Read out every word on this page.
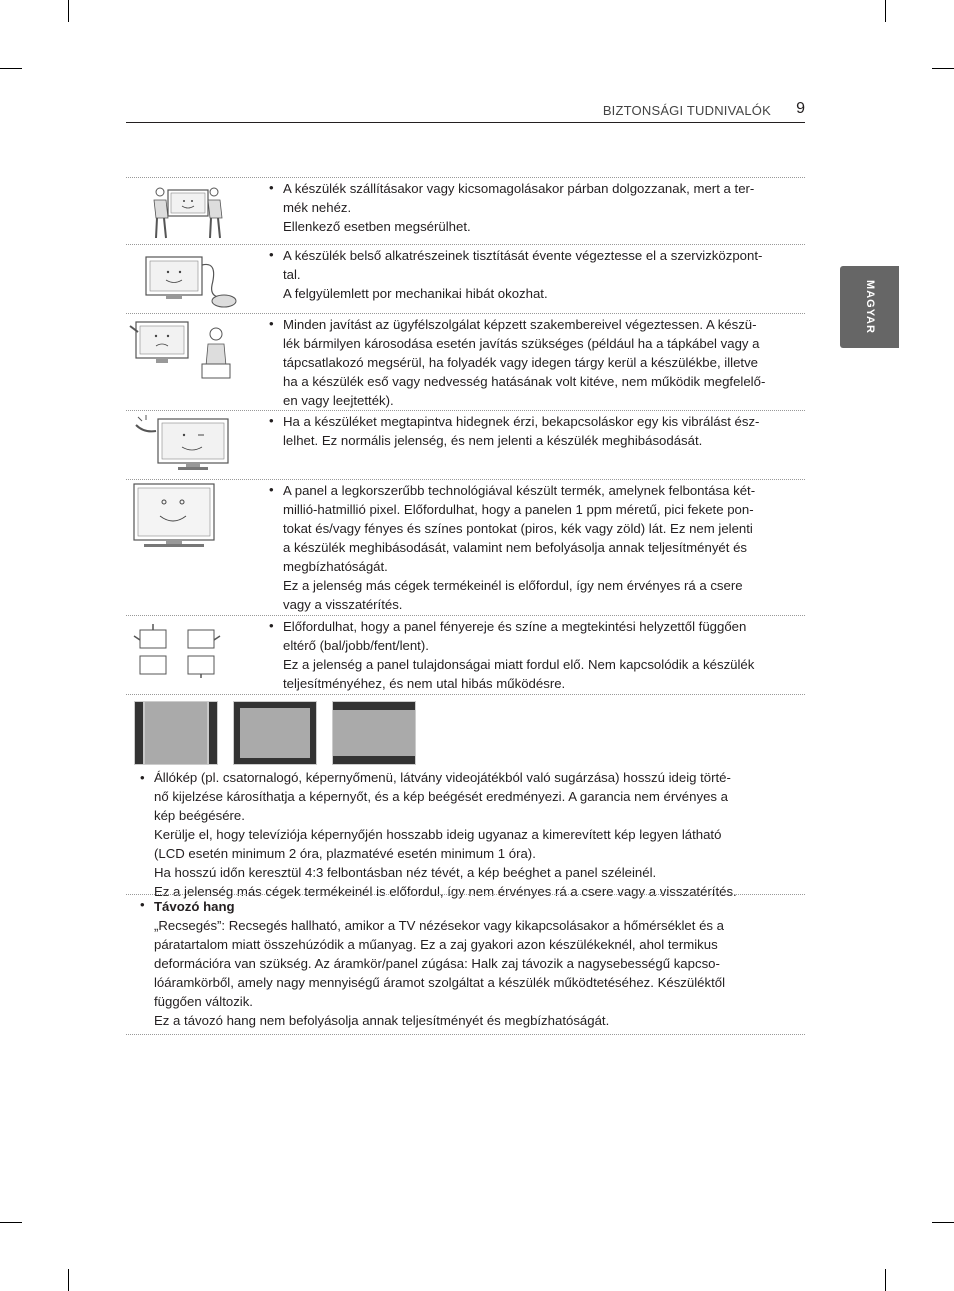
BIZTONSÁGI TUDNIVALÓK 9
MAGYAR

• A készülék szállításakor vagy kicsomagolásakor párban dolgozzanak, mert a ter-

mék nehéz.

Ellenkező esetben megsérülhet.

• A készülék belső alkatrészeinek tisztítását évente végeztesse el a szervizközpont-

tal.

A felgyülemlett por mechanikai hibát okozhat.

• Minden javítást az ügyfélszolgálat képzett szakembereivel végeztessen. A készü-

lék bármilyen károsodása esetén javítás szükséges (például ha a tápkábel vagy a

tápcsatlakozó megsérül, ha folyadék vagy idegen tárgy kerül a készülékbe, illetve

ha a készülék eső vagy nedvesség hatásának volt kitéve, nem működik megfelelő-

en vagy leejtették).

• Ha a készüléket megtapintva hidegnek érzi, bekapcsoláskor egy kis vibrálást ész-

lelhet. Ez normális jelenség, és nem jelenti a készülék meghibásodását.

• A panel a legkorszerűbb technológiával készült termék, amelynek felbontása két-

millió-hatmillió pixel. Előfordulhat, hogy a panelen 1 ppm méretű, pici fekete pon-

tokat és/vagy fényes és színes pontokat (piros, kék vagy zöld) lát. Ez nem jelenti

a készülék meghibásodását, valamint nem befolyásolja annak teljesítményét és

megbízhatóságát.

Ez a jelenség más cégek termékeinél is előfordul, így nem érvényes rá a csere

vagy a visszatérítés.

• Előfordulhat, hogy a panel fényereje és színe a megtekintési helyzettől függően

eltérő (bal/jobb/fent/lent).

Ez a jelenség a panel tulajdonságai miatt fordul elő. Nem kapcsolódik a készülék

teljesítményéhez, és nem utal hibás működésre.

• Állókép (pl. csatornalogó, képernyőmenü, látvány videojátékból való sugárzása) hosszú ideig törté-

nő kijelzése károsíthatja a képernyőt, és a kép beégését eredményezi. A garancia nem érvényes a

kép beégésére.

Kerülje el, hogy televíziója képernyőjén hosszabb ideig ugyanaz a kimerevített kép legyen látható

(LCD esetén minimum 2 óra, plazmatévé esetén minimum 1 óra).

Ha hosszú időn keresztül 4:3 felbontásban néz tévét, a kép beéghet a panel széleinél.

Ez a jelenség más cégek termékeinél is előfordul, így nem érvényes rá a csere vagy a visszatérítés.

• Távozó hang

„Recsegés”: Recsegés hallható, amikor a TV nézésekor vagy kikapcsolásakor a hőmérséklet és a

páratartalom miatt összehúzódik a műanyag. Ez a zaj gyakori azon készülékeknél, ahol termikus

deformációra van szükség. Az áramkör/panel zúgása: Halk zaj távozik a nagysebességű kapcso-

lóáramkörből, amely nagy mennyiségű áramot szolgáltat a készülék működtetéséhez. Készüléktől

függően változik.

Ez a távozó hang nem befolyásolja annak teljesítményét és megbízhatóságát.
